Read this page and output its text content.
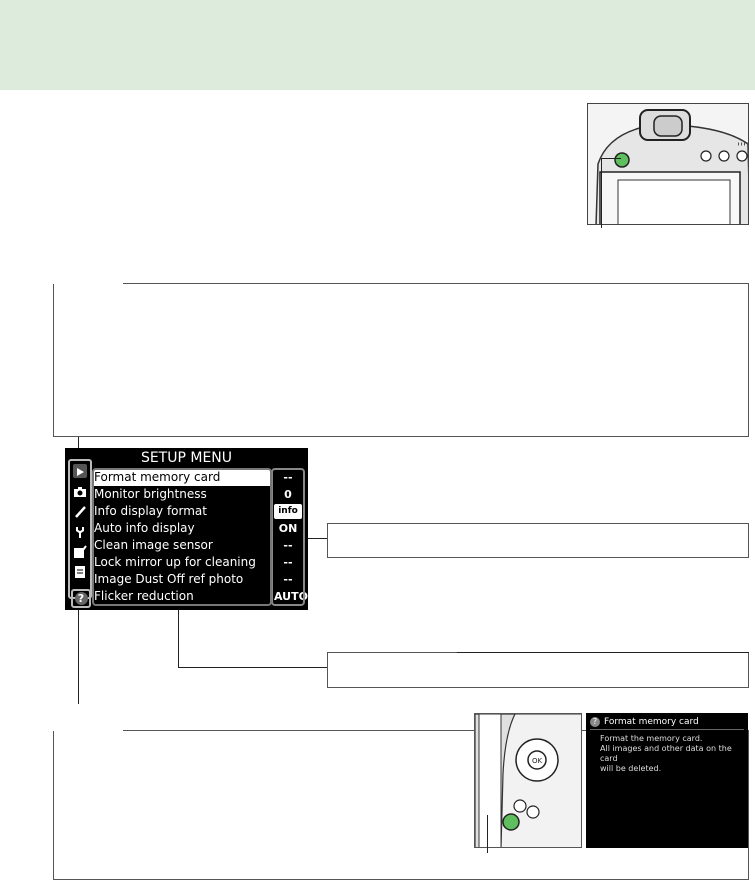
SETUP MENU
?
Format memory card
Monitor brightness
Info display format
Auto info display
Clean image sensor
Lock mirror up for cleaning
Image Dust Off ref photo
Flicker reduction
--
0
info
ON
--
--
--
AUTO
OK
? Format memory card
Format the memory card.
All images and other data on the card
will be deleted.
